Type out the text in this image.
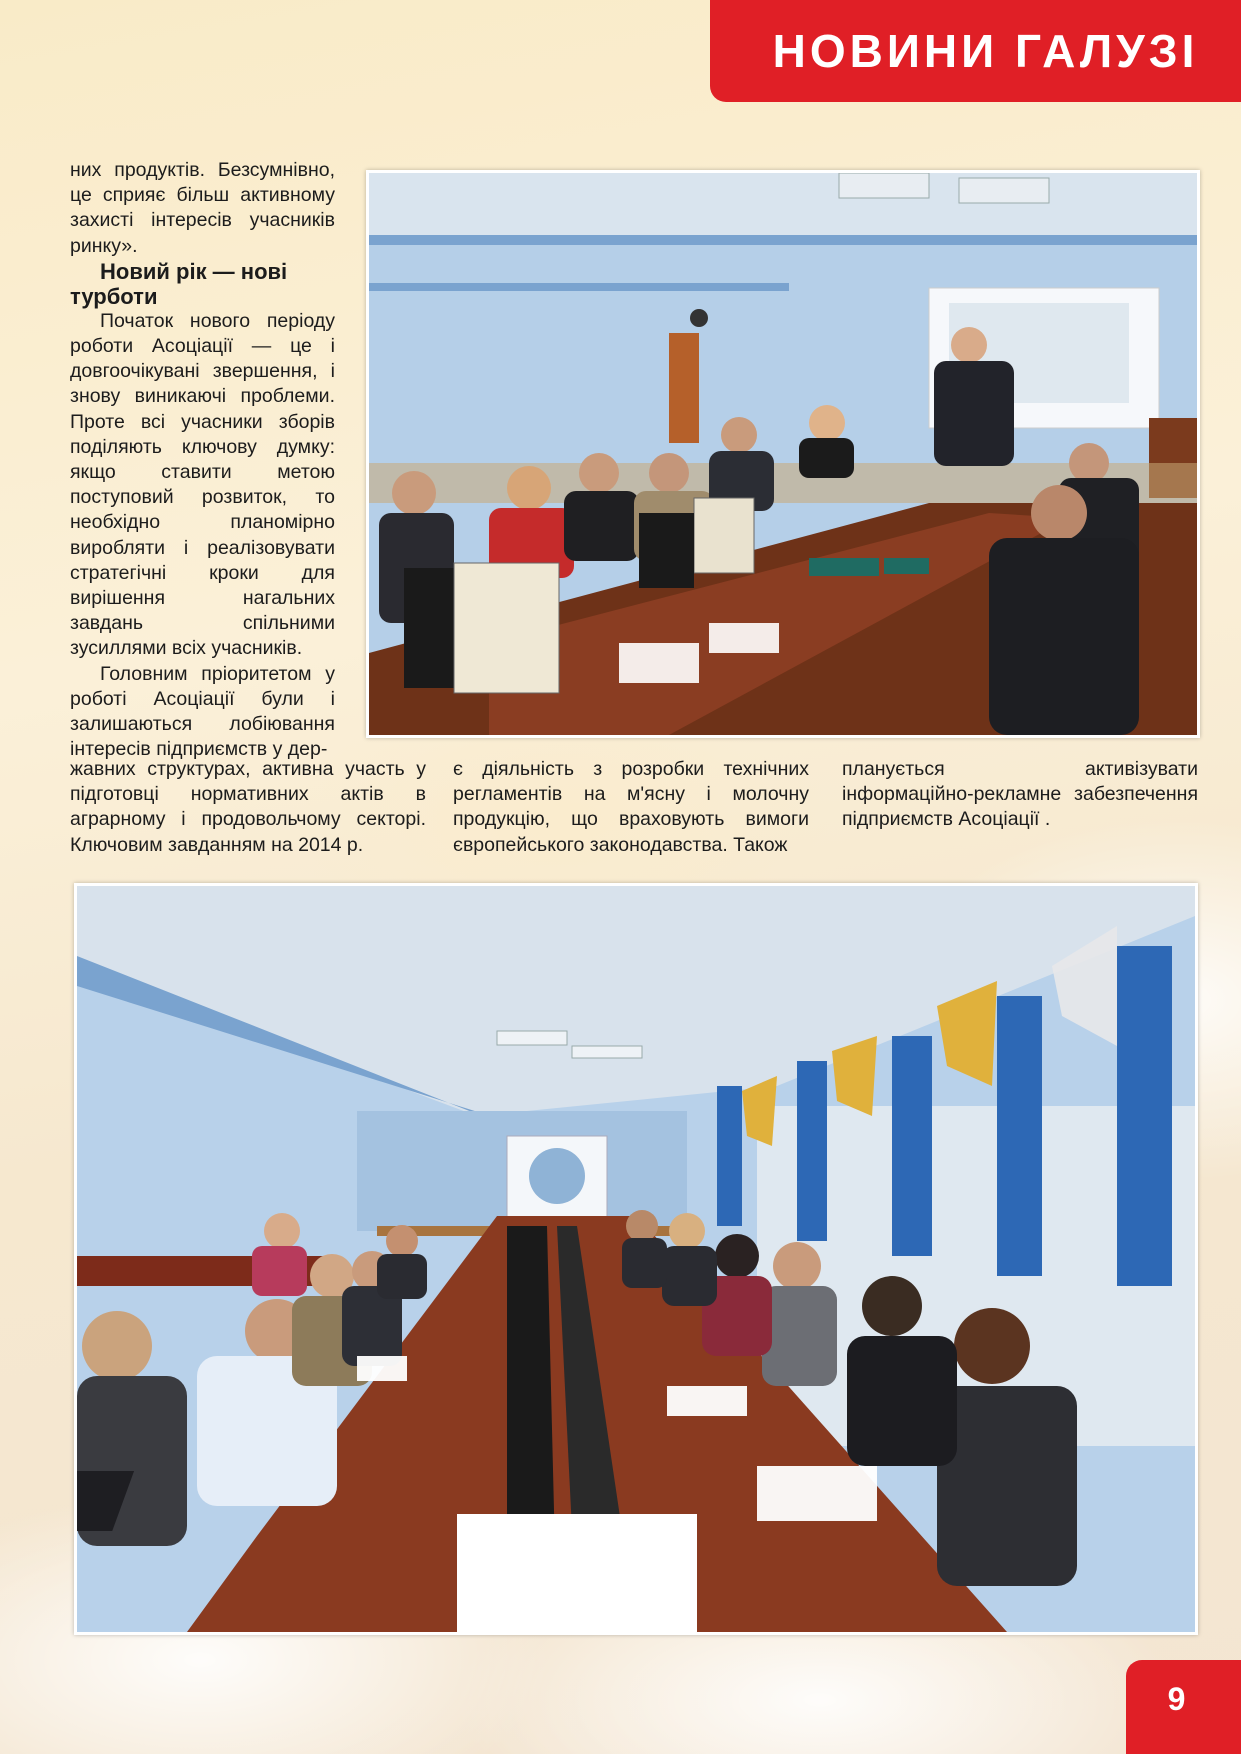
НОВИНИ ГАЛУЗІ

них продуктів. Безсумнівно, це сприяє більш активному захисті інтересів учасників ринку».

Новий рік — нові турботи

Початок нового періоду роботи Асоціації — це і довгоочікувані звершення, і знову виникаючі проблеми. Проте всі учасники зборів поділяють ключову думку: якщо ставити метою поступовий розвиток, то необхідно планомірно виробляти і реалізовувати стратегічні кроки для вирішення нагальних завдань спільними зусиллями всіх учасників.

Головним пріоритетом у роботі Асоціації були і залишаються лобіювання інтересів підприємств у дер-

жавних структурах, активна участь у підготовці нормативних актів в аграрному і продовольчому секторі. Ключовим завданням на 2014 р.

є діяльність з розробки технічних регламентів на м'ясну і молочну продукцію, що враховують вимоги європейського законодавства. Також

планується активізувати інформаційно-рекламне забезпечення підприємств Асоціації .

9
